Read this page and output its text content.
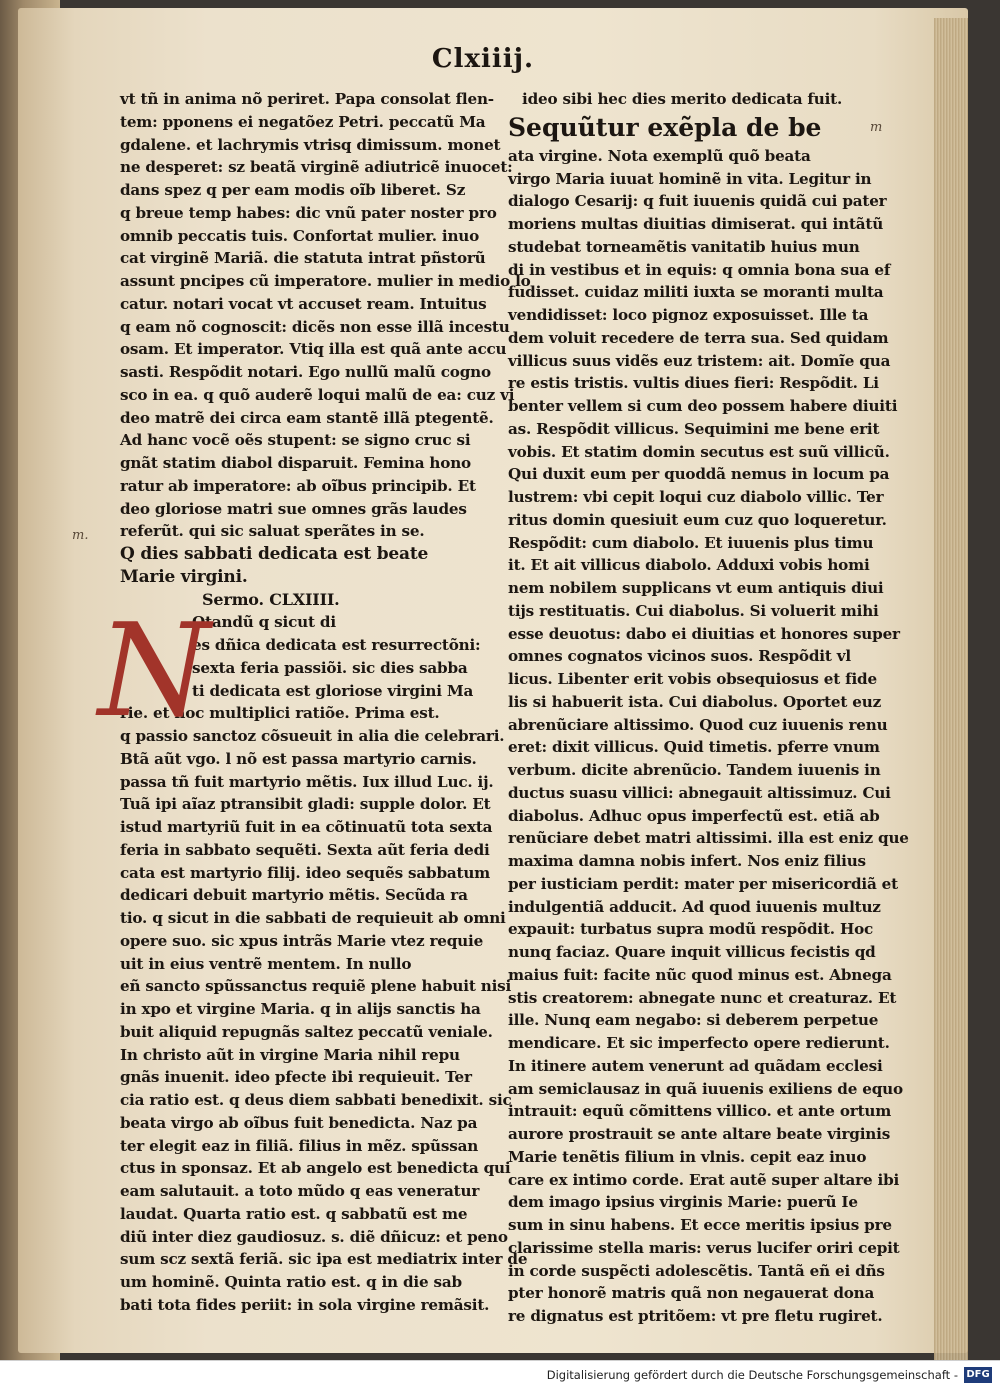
Clxiiij.
m
m.
vt tñ in anima nõ periret. Papa consolat flen-
tem: pponens ei negatõez Petri. peccatũ Ma
gdalene. et lachrymis vtrisq dimissum. monet
ne desperet: sz beatã virginẽ adiutricẽ inuocet:
dans spez q per eam modis oĩb liberet. Sz
q breue temp habes: dic vnũ pater noster pro
omnib peccatis tuis. Confortat mulier. inuo
cat virginẽ Mariã. die statuta intrat pñstorũ
assunt pncipes cũ imperatore. mulier in medio lo
catur. notari vocat vt accuset ream. Intuitus
q eam nõ cognoscit: dicẽs non esse illã incestu
osam. Et imperator. Vtiq illa est quã ante accu
sasti. Respõdit notari. Ego nullũ malũ cogno
sco in ea. q quõ auderẽ loqui malũ de ea: cuz vi
deo matrẽ dei circa eam stantẽ illã ptegentẽ.
Ad hanc vocẽ oẽs stupent: se signo cruc si
gnãt statim diabol disparuit. Femina hono
ratur ab imperatore: ab oĩbus principib. Et
deo gloriose matri sue omnes grãs laudes
referũt. qui sic saluat sperãtes in se.
Q dies sabbati dedicata est beate
Marie virgini.
Sermo. CLXIIII.
N
Otandũ q sicut di
es dñica dedicata est resurrectõni:
sexta feria passiõi. sic dies sabba
ti dedicata est gloriose virgini Ma
rie. et hoc multiplici ratiõe. Prima est.
q passio sanctoz cõsueuit in alia die celebrari.
Btã aũt vgo. l nõ est passa martyrio carnis.
passa tñ fuit martyrio mẽtis. Iux illud Luc. ij.
Tuã ipi aĩaz ptransibit gladi: supple dolor. Et
istud martyriũ fuit in ea cõtinuatũ tota sexta
feria in sabbato sequẽti. Sexta aũt feria dedi
cata est martyrio filij. ideo sequẽs sabbatum
dedicari debuit martyrio mẽtis. Secũda ra
tio. q sicut in die sabbati de requieuit ab omni
opere suo. sic xpus intrãs Marie vtez requie
uit in eius ventrẽ mentem. In nullo
eñ sancto spũssanctus requiẽ plene habuit nisi
in xpo et virgine Maria. q in alijs sanctis ha
buit aliquid repugnãs saltez peccatũ veniale.
In christo aũt in virgine Maria nihil repu
gnãs inuenit. ideo pfecte ibi requieuit. Ter
cia ratio est. q deus diem sabbati benedixit. sic
beata virgo ab oĩbus fuit benedicta. Naz pa
ter elegit eaz in filiã. filius in mẽz. spũssan
ctus in sponsaz. Et ab angelo est benedicta qui
eam salutauit. a toto mũdo q eas veneratur
laudat. Quarta ratio est. q sabbatũ est me
diũ inter diez gaudiosuz. s. diẽ dñicuz: et peno
sum scz sextã feriã. sic ipa est mediatrix inter de
um hominẽ. Quinta ratio est. q in die sab
bati tota fides periit: in sola virgine remãsit.
ideo sibi hec dies merito dedicata fuit.
Sequũtur exẽpla de be
ata virgine. Nota exemplũ quõ beata
virgo Maria iuuat hominẽ in vita. Legitur in
dialogo Cesarij: q fuit iuuenis quidã cui pater
moriens multas diuitias dimiserat. qui intãtũ
studebat torneamẽtis vanitatib huius mun
di in vestibus et in equis: q omnia bona sua ef
fudisset. cuidaz militi iuxta se moranti multa
vendidisset: loco pignoz exposuisset. Ille ta
dem voluit recedere de terra sua. Sed quidam
villicus suus vidẽs euz tristem: ait. Domĩe qua
re estis tristis. vultis diues fieri: Respõdit. Li
benter vellem si cum deo possem habere diuiti
as. Respõdit villicus. Sequimini me bene erit
vobis. Et statim domin secutus est suũ villicũ.
Qui duxit eum per quoddã nemus in locum pa
lustrem: vbi cepit loqui cuz diabolo villic. Ter
ritus domin quesiuit eum cuz quo loqueretur.
Respõdit: cum diabolo. Et iuuenis plus timu
it. Et ait villicus diabolo. Adduxi vobis homi
nem nobilem supplicans vt eum antiquis diui
tijs restituatis. Cui diabolus. Si voluerit mihi
esse deuotus: dabo ei diuitias et honores super
omnes cognatos vicinos suos. Respõdit vl
licus. Libenter erit vobis obsequiosus et fide
lis si habuerit ista. Cui diabolus. Oportet euz
abrenũciare altissimo. Quod cuz iuuenis renu
eret: dixit villicus. Quid timetis. pferre vnum
verbum. dicite abrenũcio. Tandem iuuenis in
ductus suasu villici: abnegauit altissimuz. Cui
diabolus. Adhuc opus imperfectũ est. etiã ab
renũciare debet matri altissimi. illa est eniz que
maxima damna nobis infert. Nos eniz filius
per iusticiam perdit: mater per misericordiã et
indulgentiã adducit. Ad quod iuuenis multuz
expauit: turbatus supra modũ respõdit. Hoc
nunq faciaz. Quare inquit villicus fecistis qd
maius fuit: facite nũc quod minus est. Abnega
stis creatorem: abnegate nunc et creaturaz. Et
ille. Nunq eam negabo: si deberem perpetue
mendicare. Et sic imperfecto opere redierunt.
In itinere autem venerunt ad quãdam ecclesi
am semiclausaz in quã iuuenis exiliens de equo
intrauit: equũ cõmittens villico. et ante ortum
aurore prostrauit se ante altare beate virginis
Marie tenẽtis filium in vlnis. cepit eaz inuo
care ex intimo corde. Erat autẽ super altare ibi
dem imago ipsius virginis Marie: puerũ Ie
sum in sinu habens. Et ecce meritis ipsius pre
clarissime stella maris: verus lucifer oriri cepit
in corde suspẽcti adolescẽtis. Tantã eñ ei dñs
pter honorẽ matris quã non negauerat dona
re dignatus est ptritõem: vt pre fletu rugiret.
Digitalisierung gefördert durch die Deutsche Forschungsgemeinschaft - DFG
